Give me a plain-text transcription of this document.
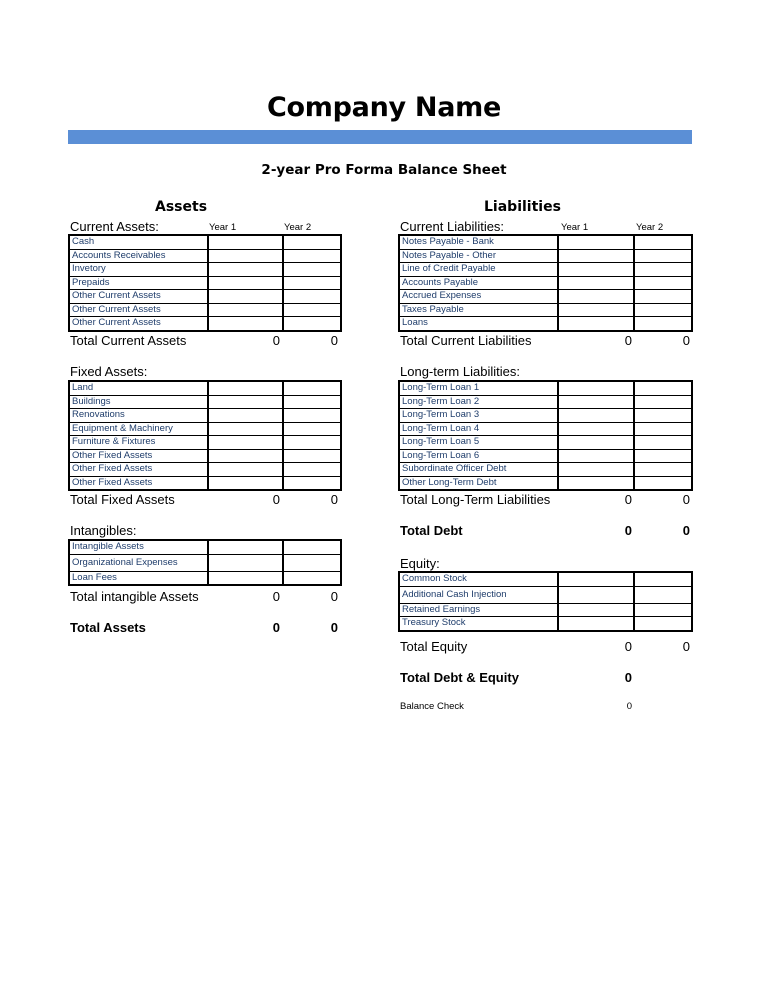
Company Name
2-year Pro Forma Balance Sheet
Assets
Current Assets:	Year 1	Year 2
Cash		
Accounts Receivables		
Invetory		
Prepaids		
Other Current Assets		
Other Current Assets		
Other Current Assets		
Total Current Assets	0	0
Fixed Assets:
Land		
Buildings		
Renovations		
Equipment & Machinery		
Furniture & Fixtures		
Other Fixed Assets		
Other Fixed Assets		
Other Fixed Assets		
Total Fixed Assets	0	0
Intangibles:
Intangible Assets		
Organizational Expenses		
Loan Fees		
Total intangible Assets	0	0
Total Assets	0	0
Liabilities
Current Liabilities:	Year 1	Year 2
Notes Payable - Bank		
Notes Payable - Other		
Line of Credit Payable		
Accounts Payable		
Accrued Expenses		
Taxes Payable		
Loans		
Total Current Liabilities	0	0
Long-term Liabilities:
Long-Term Loan 1		
Long-Term Loan 2		
Long-Term Loan 3		
Long-Term Loan 4		
Long-Term Loan 5		
Long-Term Loan 6		
Subordinate Officer Debt		
Other Long-Term Debt		
Total Long-Term Liabilities	0	0
Total Debt	0	0
Equity:
Common Stock		
Additional Cash Injection		
Retained Earnings		
Treasury Stock		
Total Equity	0	0
Total Debt & Equity	0
Balance Check	0
